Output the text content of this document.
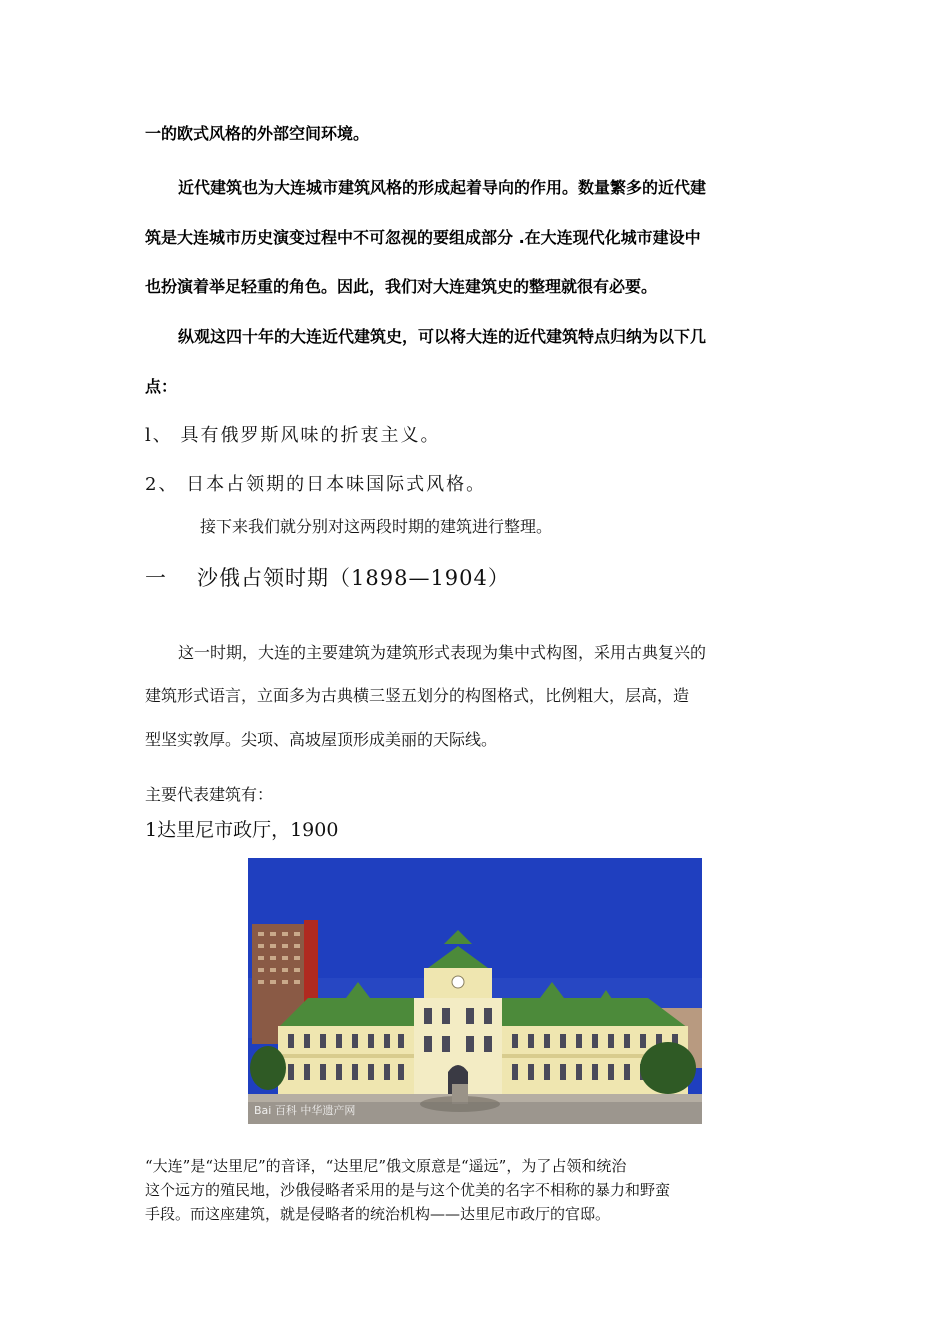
一的欧式风格的外部空间环境。
近代建筑也为大连城市建筑风格的形成起着导向的作用。数量繁多的近代建
筑是大连城市历史演变过程中不可忽视的要组成部分 .在大连现代化城市建设中
也扮演着举足轻重的角色。因此，我们对大连建筑史的整理就很有必要。
纵观这四十年的大连近代建筑史，可以将大连的近代建筑特点归纳为以下几
点：
l、 具有俄罗斯风味的折衷主义。
2、 日本占领期的日本味国际式风格。
接下来我们就分别对这两段时期的建筑进行整理。
一 沙俄占领时期（1898—1904）
这一时期，大连的主要建筑为建筑形式表现为集中式构图，采用古典复兴的
建筑形式语言，立面多为古典横三竖五划分的构图格式，比例粗大，层高，造
型坚实敦厚。尖项、高坡屋顶形成美丽的天际线。
主要代表建筑有：
1达里尼市政厅，1900
Bai 百科 中华遗产网
“大连”是“达里尼”的音译，“达里尼”俄文原意是“遥远”，为了占领和统治
这个远方的殖民地，沙俄侵略者采用的是与这个优美的名字不相称的暴力和野蛮
手段。而这座建筑，就是侵略者的统治机构——达里尼市政厅的官邸。
